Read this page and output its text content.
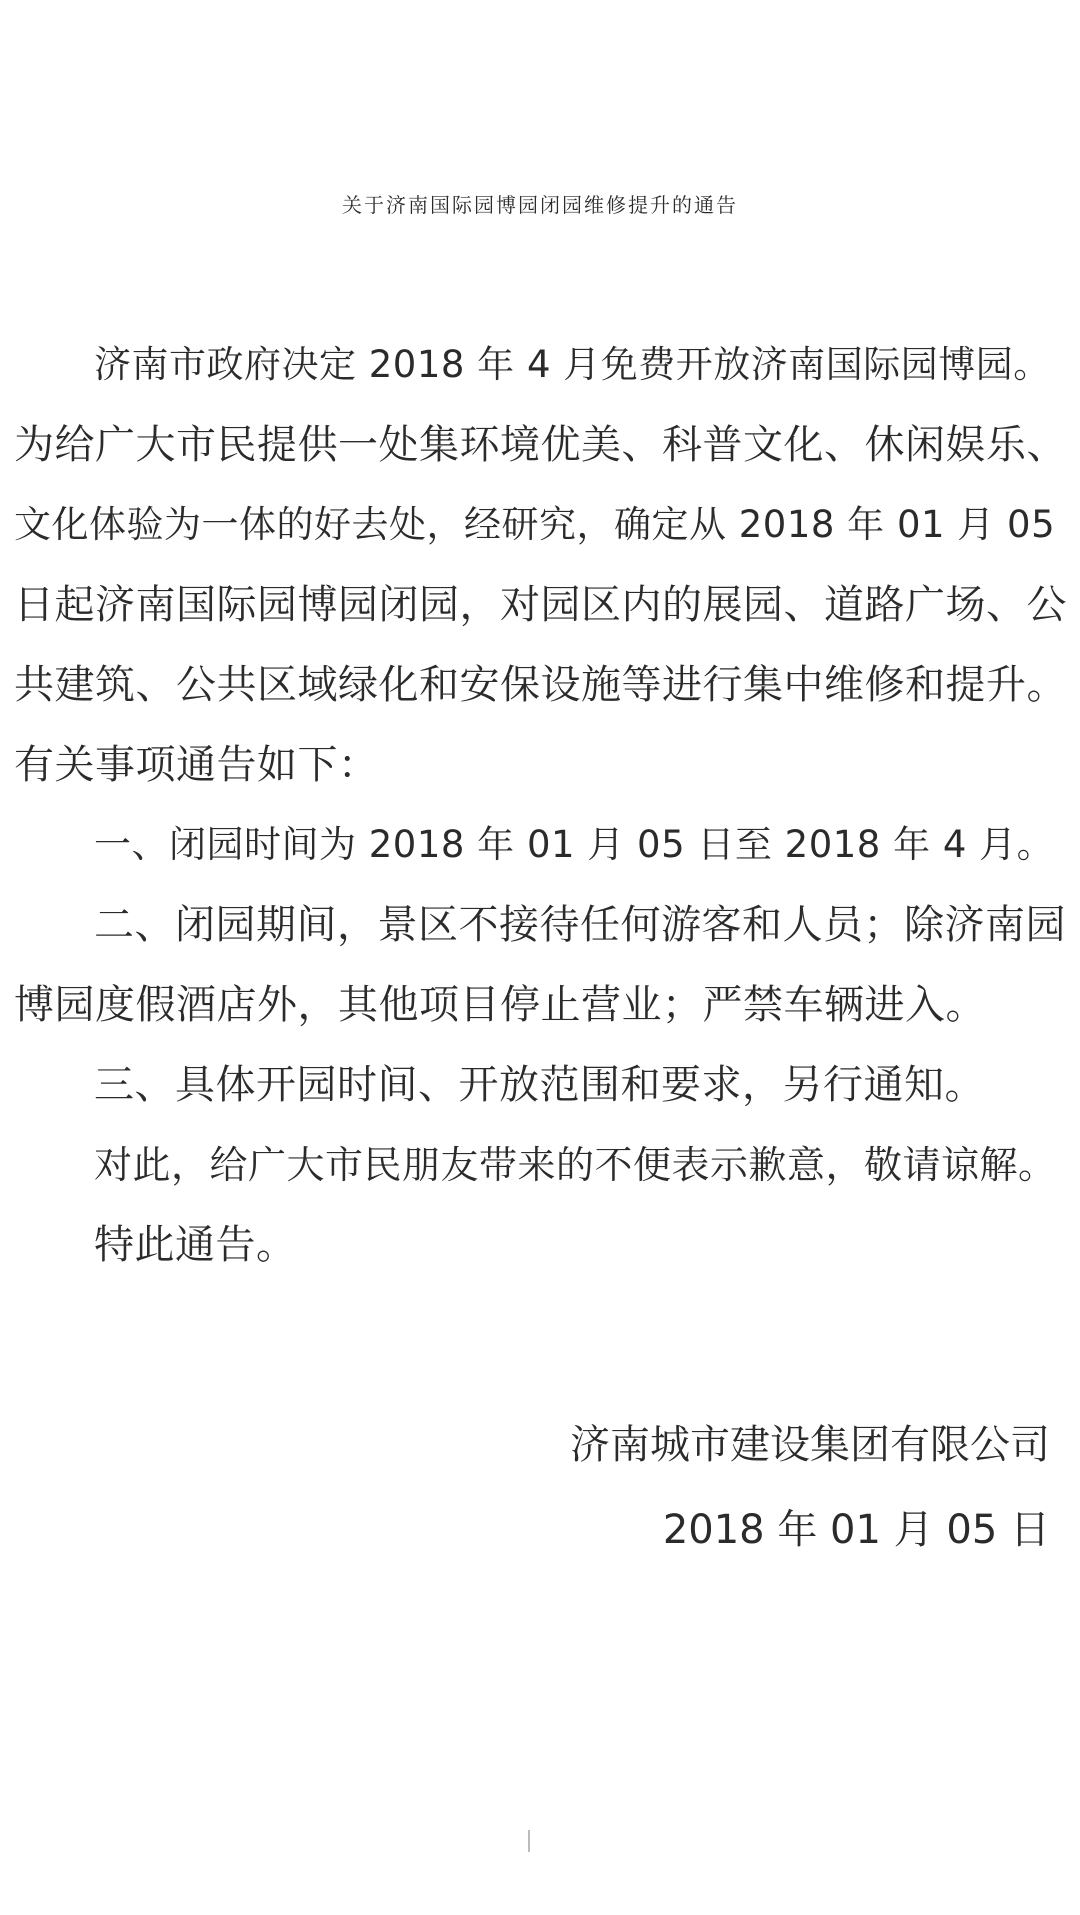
关于济南国际园博园闭园维修提升的通告
济南市政府决定 2018 年 4 月免费开放济南国际园博园。
为给广大市民提供一处集环境优美、科普文化、休闲娱乐、
文化体验为一体的好去处，经研究，确定从 2018 年 01 月 05
日起济南国际园博园闭园，对园区内的展园、道路广场、公
共建筑、公共区域绿化和安保设施等进行集中维修和提升。
有关事项通告如下：
一、闭园时间为 2018 年 01 月 05 日至 2018 年 4 月。
二、闭园期间，景区不接待任何游客和人员；除济南园
博园度假酒店外，其他项目停止营业；严禁车辆进入。
三、具体开园时间、开放范围和要求，另行通知。
对此，给广大市民朋友带来的不便表示歉意，敬请谅解。
特此通告。
济南城市建设集团有限公司
2018 年 01 月 05 日
